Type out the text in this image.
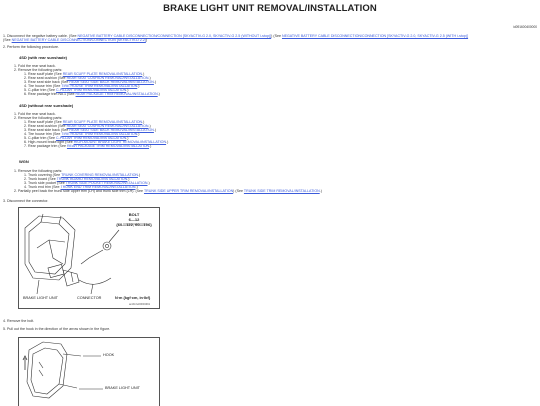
BRAKE LIGHT UNIT REMOVAL/INSTALLATION
id091600400000
1. Disconnect the negative battery cable. (See NEGATIVE BATTERY CABLE DISCONNECTION/CONNECTION [SKYACTIV-G 2.0, SKYACTIV-G 2.5 (WITHOUT i-stop)]) (See NEGATIVE BATTERY CABLE DISCONNECTION/CONNECTION [SKYACTIV-G 2.0, SKYACTIV-G 2.5 (WITH i-stop)]
(See NEGATIVE BATTERY CABLE DISCONNECTION/CONNECTION [SKYACTIV-D 2.2])
2. Perform the following procedure.
4SD (with rear sunshade)
1. Fold the rear seat back.
2. Remove the following parts:
1. Rear scuff plate (See REAR SCUFF PLATE REMOVAL/INSTALLATION.)
2. Rear seat cushion (See REAR SEAT CUSHION REMOVAL/INSTALLATION.)
3. Rear seat side back (See REAR SEAT SIDE BACK REMOVAL/INSTALLATION.)
4. Tire house trim (See TIRE HOUSE TRIM REMOVAL/INSTALLATION.)
5. C-pillar trim (See C-PILLAR TRIM REMOVAL/INSTALLATION.)
6. Rear package trim No.1 (See REAR PACKAGE TRIM REMOVAL/INSTALLATION.)
4SD (without rear sunshade)
1. Fold the rear seat back.
2. Remove the following parts:
1. Rear scuff plate (See REAR SCUFF PLATE REMOVAL/INSTALLATION.)
2. Rear seat cushion (See REAR SEAT CUSHION REMOVAL/INSTALLATION.)
3. Rear seat side back (See REAR SEAT SIDE BACK REMOVAL/INSTALLATION.)
4. Tire house trim (See TIRE HOUSE TRIM REMOVAL/INSTALLATION.)
5. C-pillar trim (See C-PILLAR TRIM REMOVAL/INSTALLATION.)
6. High-mount brake light (See HIGH-MOUNT BRAKE LIGHT REMOVAL/INSTALLATION.)
7. Rear package trim (See REAR PACKAGE TRIM REMOVAL/INSTALLATION.)
WGN
1. Remove the following parts:
1. Trunk covering (See TRUNK COVERING REMOVAL/INSTALLATION.)
2. Trunk board (See TRUNK BOARD REMOVAL/INSTALLATION.)
3. Trunk side pocket (See TRUNK SIDE POCKET REMOVAL/INSTALLATION.)
4. Trunk end trim (See TRUNK END TRIM REMOVAL/INSTALLATION.)
2. Partially peel back the trunk side upper trim (LH) and trunk side trim (LH). (See TRUNK SIDE UPPER TRIM REMOVAL/INSTALLATION) (See TRUNK SIDE TRIM REMOVAL/INSTALLATION.)
3. Disconnect the connector.
BOLT
6—12
{60—122, 60—106}
BRAKE LIGHT UNIT	CONNECTOR	N·m {kgf·cm, in·lbf}
am6zzw00004391
4. Remove the bolt.
5. Pull out the hook in the direction of the arrow shown in the figure.
HOOK
BRAKE LIGHT UNIT
